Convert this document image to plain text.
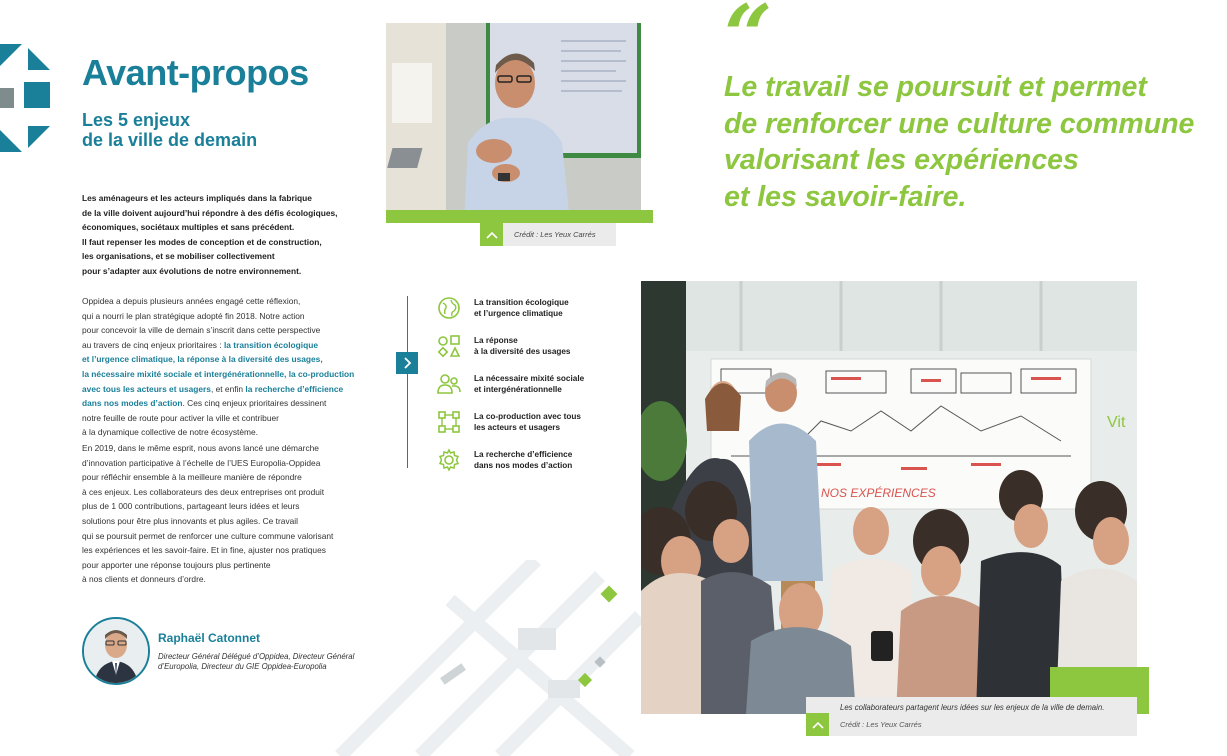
Avant-propos
Les 5 enjeux
de la ville de demain
Les aménageurs et les acteurs impliqués dans la fabrique
de la ville doivent aujourd’hui répondre à des défis écologiques,
économiques, sociétaux multiples et sans précédent.
Il faut repenser les modes de conception et de construction,
les organisations, et se mobiliser collectivement
pour s’adapter aux évolutions de notre environnement.
Oppidea a depuis plusieurs années engagé cette réflexion,
qui a nourri le plan stratégique adopté fin 2018. Notre action
pour concevoir la ville de demain s’inscrit dans cette perspective
au travers de cinq enjeux prioritaires : la transition écologique
et l’urgence climatique, la réponse à la diversité des usages,
la nécessaire mixité sociale et intergénérationnelle, la co-production
avec tous les acteurs et usagers, et enfin la recherche d’efficience
dans nos modes d’action. Ces cinq enjeux prioritaires dessinent
notre feuille de route pour activer la ville et contribuer
à la dynamique collective de notre écosystème.
En 2019, dans le même esprit, nous avons lancé une démarche
d’innovation participative à l’échelle de l’UES Europolia-Oppidea
pour réfléchir ensemble à la meilleure manière de répondre
à ces enjeux. Les collaborateurs des deux entreprises ont produit
plus de 1 000 contributions, partageant leurs idées et leurs
solutions pour être plus innovants et plus agiles. Ce travail
qui se poursuit permet de renforcer une culture commune valorisant
les expériences et les savoir-faire. Et in fine, ajuster nos pratiques
pour apporter une réponse toujours plus pertinente
à nos clients et donneurs d’ordre.
Raphaël Catonnet
Directeur Général Délégué d’Oppidea, Directeur Général
d’Europolia, Directeur du GIE Oppidea-Europolia
Crédit : Les Yeux Carrés
“
Le travail se poursuit et permet
de renforcer une culture commune
valorisant les expériences
et les savoir-faire.
La transition écologique
et l’urgence climatique
La réponse
à la diversité des usages
La nécessaire mixité sociale
et intergénérationnelle
La co-production avec tous
les acteurs et usagers
La recherche d’efficience
dans nos modes d’action
NOS EXPÉRIENCES
Vit
Les collaborateurs partagent leurs idées sur les enjeux de la ville de demain.
Crédit : Les Yeux Carrés
